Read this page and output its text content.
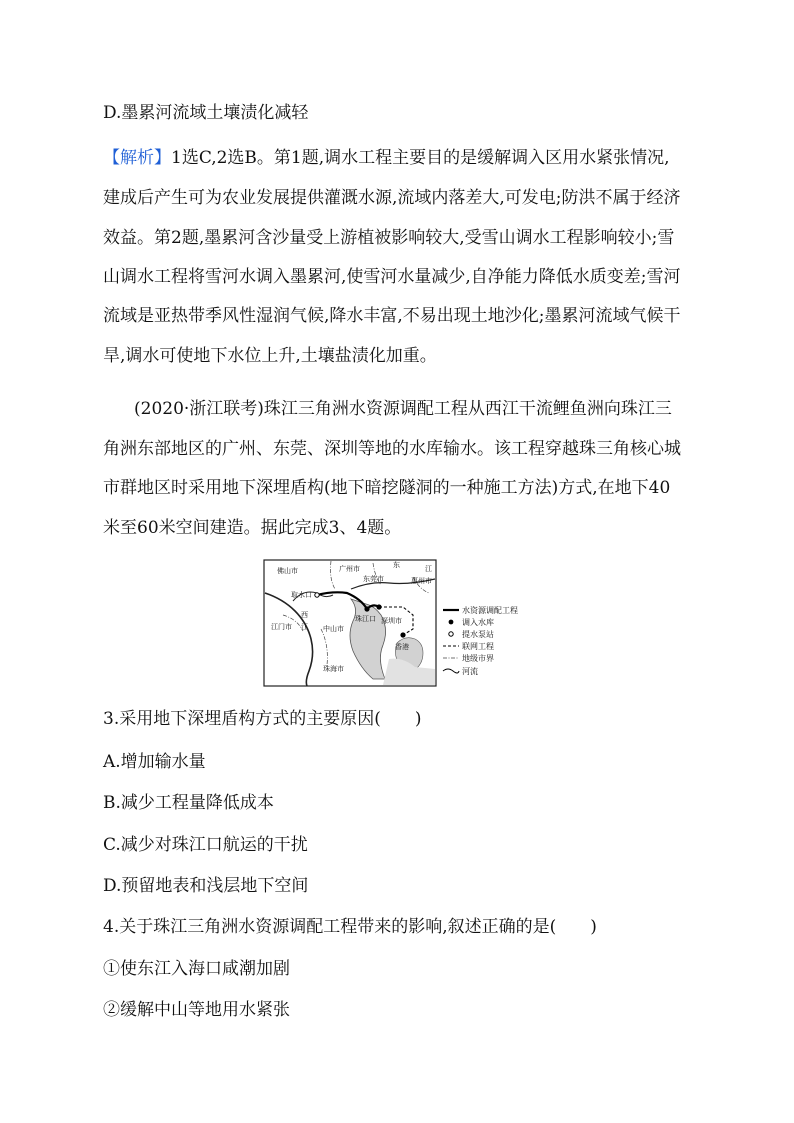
D.墨累河流域土壤渍化减轻
【解析】1选C,2选B。第1题,调水工程主要目的是缓解调入区用水紧张情况,
建成后产生可为农业发展提供灌溉水源,流域内落差大,可发电;防洪不属于经济
效益。第2题,墨累河含沙量受上游植被影响较大,受雪山调水工程影响较小;雪
山调水工程将雪河水调入墨累河,使雪河水量减少,自净能力降低水质变差;雪河
流域是亚热带季风性湿润气候,降水丰富,不易出现土地沙化;墨累河流域气候干
旱,调水可使地下水位上升,土壤盐渍化加重。
(2020·浙江联考)珠江三角洲水资源调配工程从西江干流鲤鱼洲向珠江三
角洲东部地区的广州、东莞、深圳等地的水库输水。该工程穿越珠三角核心城
市群地区时采用地下深埋盾构(地下暗挖隧洞的一种施工方法)方式,在地下40
米至60米空间建造。据此完成3、4题。
佛山市	广州市
东莞市	惠州市
东	江
取水口
西
江
江门市	中山市
珠江口 深圳市
香港
珠海市
水资源调配工程
调入水库
提水泵站
联网工程
地级市界
河流
3.采用地下深埋盾构方式的主要原因(　　)
A.增加输水量
B.减少工程量降低成本
C.减少对珠江口航运的干扰
D.预留地表和浅层地下空间
4.关于珠江三角洲水资源调配工程带来的影响,叙述正确的是(　　)
①使东江入海口咸潮加剧
②缓解中山等地用水紧张
